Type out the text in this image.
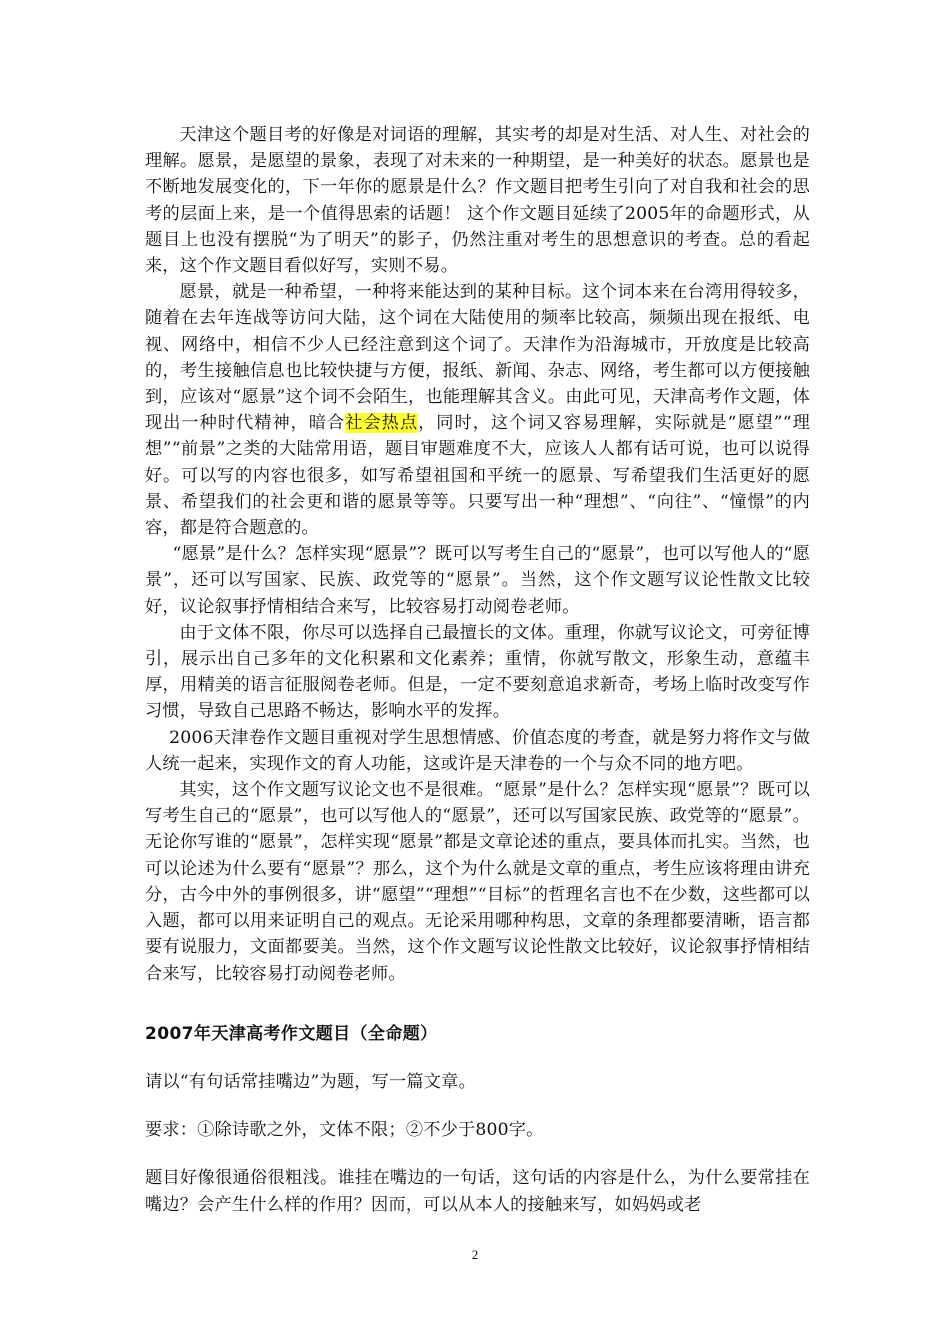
天津这个题目考的好像是对词语的理解，其实考的却是对生活、对人生、对社会的理解。愿景，是愿望的景象，表现了对未来的一种期望，是一种美好的状态。愿景也是不断地发展变化的，下一年你的愿景是什么？作文题目把考生引向了对自我和社会的思考的层面上来，是一个值得思索的话题！ 这个作文题目延续了2005年的命题形式，从题目上也没有摆脱“为了明天”的影子，仍然注重对考生的思想意识的考查。总的看起来，这个作文题目看似好写，实则不易。

愿景，就是一种希望，一种将来能达到的某种目标。这个词本来在台湾用得较多，随着在去年连战等访问大陆，这个词在大陆使用的频率比较高，频频出现在报纸、电视、网络中，相信不少人已经注意到这个词了。天津作为沿海城市，开放度是比较高的，考生接触信息也比较快捷与方便，报纸、新闻、杂志、网络，考生都可以方便接触到，应该对“愿景”这个词不会陌生，也能理解其含义。由此可见，天津高考作文题，体现出一种时代精神，暗合社会热点，同时，这个词又容易理解，实际就是“愿望”“理想”“前景”之类的大陆常用语，题目审题难度不大，应该人人都有话可说，也可以说得好。可以写的内容也很多，如写希望祖国和平统一的愿景、写希望我们生活更好的愿景、希望我们的社会更和谐的愿景等等。只要写出一种“理想”、“向往”、“憧憬”的内容，都是符合题意的。

“愿景”是什么？怎样实现“愿景”？既可以写考生自己的“愿景”，也可以写他人的“愿景”，还可以写国家、民族、政党等的“愿景”。当然，这个作文题写议论性散文比较好，议论叙事抒情相结合来写，比较容易打动阅卷老师。

由于文体不限，你尽可以选择自己最擅长的文体。重理，你就写议论文，可旁征博引，展示出自己多年的文化积累和文化素养；重情，你就写散文，形象生动，意蕴丰厚，用精美的语言征服阅卷老师。但是，一定不要刻意追求新奇，考场上临时改变写作习惯，导致自己思路不畅达，影响水平的发挥。

2006天津卷作文题目重视对学生思想情感、价值态度的考查，就是努力将作文与做人统一起来，实现作文的育人功能，这或许是天津卷的一个与众不同的地方吧。

其实，这个作文题写议论文也不是很难。“愿景”是什么？怎样实现“愿景”？既可以写考生自己的“愿景”，也可以写他人的“愿景”，还可以写国家民族、政党等的“愿景”。无论你写谁的“愿景”，怎样实现“愿景”都是文章论述的重点，要具体而扎实。当然，也可以论述为什么要有“愿景”？那么，这个为什么就是文章的重点，考生应该将理由讲充分，古今中外的事例很多，讲“愿望”“理想”“目标”的哲理名言也不在少数，这些都可以入题，都可以用来证明自己的观点。无论采用哪种构思，文章的条理都要清晰，语言都要有说服力，文面都要美。当然，这个作文题写议论性散文比较好，议论叙事抒情相结合来写，比较容易打动阅卷老师。

2007年天津高考作文题目（全命题）

请以“有句话常挂嘴边”为题，写一篇文章。

要求：①除诗歌之外，文体不限；②不少于800字。

题目好像很通俗很粗浅。谁挂在嘴边的一句话，这句话的内容是什么，为什么要常挂在嘴边？会产生什么样的作用？因而，可以从本人的接触来写，如妈妈或老

2
